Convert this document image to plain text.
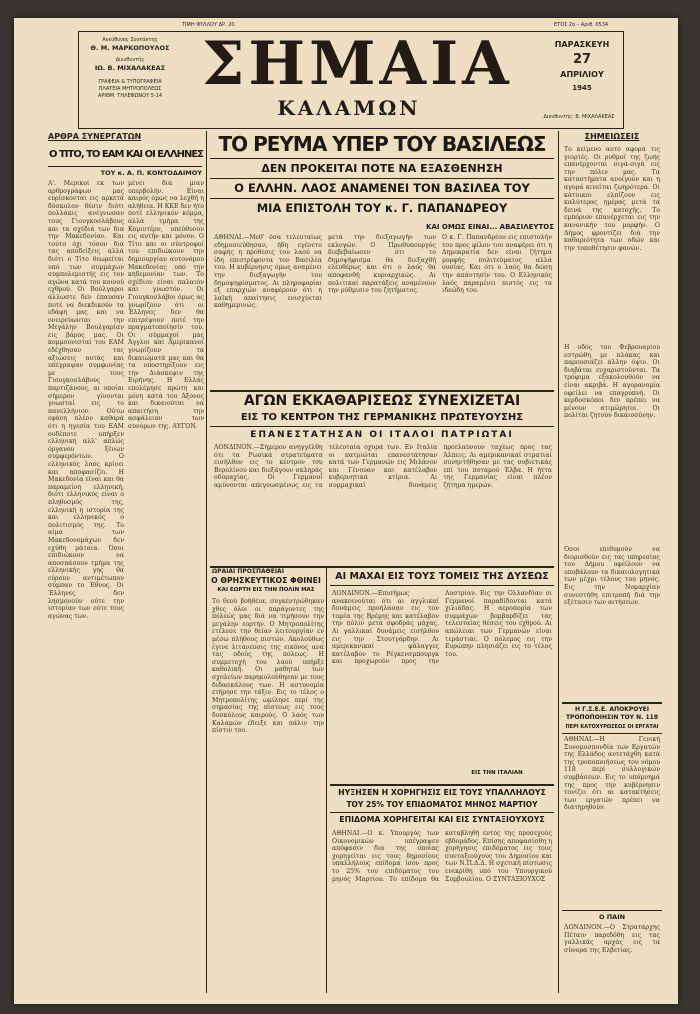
ΤΙΜΗ ΦΥΛΛΟΥ ΔΡ. 20	ΕΤΟΣ 2ο – Αριθ. 0534
Ανεύθυνος Συντάκτης
Θ. Μ. ΜΑΡΚΟΠΟΥΛΟΣ
Διευθυντής
ΙΩ. Β. ΜΙΧΑΛΑΚΕΑΣ
ΓΡΑΦΕΙΑ & ΤΥΠΟΓΡΑΦΕΙΑ
ΠΛΑΤΕΙΑ ΜΗΤΡΟΠΟΛΕΩΣ
ΑΡΙΘΜ. ΤΗΛΕΦΩΝΟΥ 5-14 ΣΗΜΑΙΑ
ΚΑΛΑΜΩΝ
ΠΑΡΑΣΚΕΥΗ
27
ΑΠΡΙΛΙΟΥ
1945
Διευθυντής: Β. ΜΙΧΑΛΑΚΕΑΣ
ΑΡΘΡΑ ΣΥΝΕΡΓΑΤΩΝ
Ο ΤΙΤΟ, ΤΟ ΕΑΜ ΚΑΙ ΟΙ ΕΛΛΗΝΕΣ
ΤΟΥ κ. Α. Π. ΚΟΝΤΟΔΑΙΜΟΥ
Α'. Μερικοί εκ των αρθρογράφων μας ευρίσκονται εις αρκετά δύσκολον θέσιν διότι πολλάκις ανέγνωσαν τους Γιουγκοσλάβους και τα σχέδιά των δια την Μακεδονίαν. Και τούτο όχι τόσον διά τας αποδείξεις αλλά διότι ο Τίτο θεωρείται υπό των συμμάχων συμπολεμιστής εις τον αγώνα κατά του κοινού εχθρού. Οι Βούλγαροι άλλωστε δεν έπαυσαν ποτέ να διεκδικούν τα εδάφη μας και να ονειρεύωνται την Μεγάλην Βουλγαρίαν εις βάρος μας. Οι κομμουνισταί του ΕΑΜ εδέχθησαν τας αξιώσεις αυτάς και υπέγραψαν συμφωνίας με τους Γιουγκοσλάβους παρτιζάνους, αι οποίαι σήμερον γίνονται γνωσταί εις το πανελλήνιον. Ούτω εφάνη πλέον καθαρά ότι η ηγεσία του ΕΑΜ ουδέποτε υπήρξεν ελληνική αλλ' απλώς όργανον ξένων συμφερόντων. Ο ελληνικός λαός κρίνει και αποφασίζει. Η Μακεδονία είναι και θα παραμείνη ελληνική, διότι ελληνικός είναι ο πληθυσμός της, ελληνική η ιστορία της και ελληνικός ο πολιτισμός της. Το αίμα των Μακεδονομάχων δεν εχύθη μάταια. Όσοι επιδιώκουν να αποσπάσουν τμήμα της ελληνικής γης θα εύρουν αντιμέτωπον σύμπαν το Έθνος. Οι Έλληνες δεν λησμονούν ούτε την ιστορίαν των ούτε τους αγώνας των.
μένει διά μίαν υπερβολήν. Είναι καιρός όμως να λεχθή η αλήθεια. Η ΚΚΕ δεν ήτο ποτέ ελληνικόν κόμμα, αλλά τμήμα της Κομιντέρν, υπεύθυνον εις αυτήν και μόνον. Ο Τίτο και οι σύντροφοί του επιδιώκουν την δημιουργίαν αυτονόμου Μακεδονίας υπό την κηδεμονίαν των. Το σχέδιον είναι παλαιόν και γνωστόν. Οι Γιουγκοσλάβοι όμως ας γνωρίζουν ότι οι Έλληνες δεν θα επιτρέψουν ποτέ την πραγματοποίησίν του. Οι σύμμαχοί μας Άγγλοι και Αμερικανοί γνωρίζουν τα δικαιώματά μας και θα τα υποστηρίξουν εις την Διάσκεψιν της Ειρήνης. Η Ελλάς επολέμησε πρώτη και μόνη κατά του Άξονος και δικαιούται να απαιτήση την ασφάλειαν των συνόρων της. ΑΥΓΟΝ.
ΤΟ ΡΕΥΜΑ ΥΠΕΡ ΤΟΥ ΒΑΣΙΛΕΩΣ
ΔΕΝ ΠΡΟΚΕΙΤΑΙ ΠΟΤΕ ΝΑ ΕΞΑΣΘΕΝΗΣΗ
Ο ΕΛΛΗΝ. ΛΑΟΣ ΑΝΑΜΕΝΕΙ ΤΟΝ ΒΑΣΙΛΕΑ ΤΟΥ
ΜΙΑ ΕΠΙΣΤΟΛΗ ΤΟΥ κ. Γ. ΠΑΠΑΝΔΡΕΟΥ
ΚΑΙ ΟΜΩΣ ΕΙΝΑΙ... ΑΒΑΣΙΛΕΥΤΟΣ
ΑΘΗΝΑΙ.—Μεθ' όσα τελευταίως εδημοσιεύθησαν, ήδη εγένετο σαφής η πρόθεσις του λαού να ίδη επιστρέφοντα τον Βασιλέα του. Η κυβέρνησις όμως αναμένει την διεξαγωγήν του δημοψηφίσματος. Αι πληροφορίαι εξ επαρχιών αναφέρουν ότι η λαϊκή απαίτησις ενισχύεται καθημερινώς.
μετά την διεξαγωγήν των εκλογών. Ο Πρωθυπουργός διεβεβαίωσεν ότι το δημοψήφισμα θα διεξαχθή ελευθέρως και ότι ο λαός θα αποφανθή κυριαρχικώς. Αι πολιτικαί παρατάξεις αναμένουν την ρύθμισιν του ζητήματος.
Ο κ. Γ. Παπανδρέου εις επιστολήν του προς φίλον του αναφέρει ότι η Δημοκρατία δεν είναι ζήτημα μορφής πολιτεύματος αλλά ουσίας. Και ότι ο λαός θα δώση την απάντησίν του. Ο Ελληνικός λαός παραμένει πιστός εις τα ιδεώδη του.
ΑΓΩΝ ΕΚΚΑΘΑΡΙΣΕΩΣ ΣΥΝΕΧΙΖΕΤΑΙ
ΕΙΣ ΤΟ ΚΕΝΤΡΟΝ ΤΗΣ ΓΕΡΜΑΝΙΚΗΣ ΠΡΩΤΕΥΟΥΣΗΣ
ΕΠΑΝΕΣΤΑΤΗΣΑΝ ΟΙ ΙΤΑΛΟΙ ΠΑΤΡΙΩΤΑΙ
ΛΟΝΔΙΝΟΝ.—Σήμερον ανηγγέλθη ότι τα Ρωσικά στρατεύματα εισήλθον εις το κέντρον του Βερολίνου και διεξάγουν σκληράς οδομαχίας. Οι Γερμανοί αμύνονται απεγνωσμένως εις τα τελευταία οχυρά των. Εν Ιταλία οι πατριώται επανεστάτησαν κατά των Γερμανών εις Μιλάνον και Γένουαν και κατέλαβον κυβερνητικά κτίρια. Αι συμμαχικαί δυνάμεις προελαύνουν ταχέως προς τας Άλπεις. Αι αμερικανικαί στρατιαί συνηντήθησαν με τας σοβιετικάς επί του ποταμού Έλβα. Η ήττα της Γερμανίας είναι πλέον ζήτημα ημερών.
ΩΡΑΙΑΙ ΠΡΟΣΠΑΘΕΙΑΙ
Ο ΘΡΗΣΚΕΥΤΙΚΟΣ ΦΘΙΝΕΙ
ΚΑΙ ΕΩΡΤΗ ΕΙΣ ΤΗΝ ΠΟΛΙΝ ΜΑΣ
Το θεού βοήθεια, συγκεντρώθηκαν χθες όλοι οι παράγοντες της πόλεώς μας διά να τιμήσουν την μεγάλην εορτήν. Ο Μητροπολίτης ετέλεσε την θείαν λειτουργίαν εν μέσω πλήθους πιστών. Ακολούθως έγινε λιτάνευσις της εικόνος ανά τας οδούς της πόλεως. Η συμμετοχή του λαού υπήρξε καθολική. Οι μαθηταί των σχολείων παρηκολούθησαν με τους διδασκάλους των. Η αστυνομία ετήρησε την τάξιν. Εις το τέλος ο Μητροπολίτης ωμίλησε περί της σημασίας της πίστεως εις τους δυσκόλους καιρούς. Ο λαός των Καλαμών έδειξε και πάλιν την πίστιν του.
ΑΙ ΜΑΧΑΙ ΕΙΣ ΤΟΥΣ ΤΟΜΕΙΣ ΤΗΣ ΔΥΣΕΩΣ
ΛΟΝΔΙΝΟΝ.—Επισήμως ανακοινούται ότι αι αγγλικαί δυνάμεις προήλασαν εις τον τομέα της Βρέμης και κατέλαβον την πόλιν μετά σφοδράς μάχας. Αι γαλλικαί δυνάμεις εισήλθον εις την Στουτγάρδην. Αι αμερικανικαί φάλαγγες κατέλαβον το Ρέγκενσμπουργκ και προχωρούν προς την Αυστρίαν. Εις την Ολλανδίαν οι Γερμανοί παραδίδονται κατά χιλιάδας. Η αεροπορία των συμμάχων βομβαρδίζει τας τελευταίας θέσεις του εχθρού. Αι απώλειαι των Γερμανών είναι τεράστιαι. Ο πόλεμος εις την Ευρώπην πλησιάζει εις το τέλος του.
ΕΙΣ ΤΗΝ ΙΤΑΛΙΑΝ
ΗΥΞΗΣΕΝ Η ΧΟΡΗΓΗΣΙΣ ΕΙΣ ΤΟΥΣ ΥΠΑΛΛΗΛΟΥΣ
ΤΟΥ 25% ΤΟΥ ΕΠΙΔΟΜΑΤΟΣ ΜΗΝΟΣ ΜΑΡΤΙΟΥ
ΕΠΙΔΟΜΑ ΧΟΡΗΓΕΙΤΑΙ ΚΑΙ ΕΙΣ ΣΥΝΤΑΞΙΟΥΧΟΥΣ
ΑΘΗΝΑΙ.—Ο κ. Υπουργός των Οικονομικών υπέγραψεν απόφασιν δια της οποίας χορηγείται εις τους δημοσίους υπαλλήλους επίδομα ίσον προς το 25% του επιδόματος του μηνός Μαρτίου. Το επίδομα θα καταβληθή εντός της προσεχούς εβδομάδος. Επίσης αποφασίσθη η χορήγησις επιδόματος εις τους συνταξιούχους του Δημοσίου και των Ν.Π.Δ.Δ. Η σχετική πίστωσις ενεκρίθη υπό του Υπουργικού Συμβουλίου. Ο ΣΥΝΤΑΞΙΟΥΧΟΣ
ΣΗΜΕΙΩΣΕΙΣ
Το κείμενο αυτό αφορά τις γιορτές. Οι ρυθμοί της ζωής επανέρχονται σιγά-σιγά εις την πόλιν μας. Τα καταστήματα ανοίγουν και η αγορά κινείται ζωηρότερα. Οι κάτοικοι ελπίζουν εις καλύτερας ημέρας μετά τα δεινά της κατοχής. Το εμπόριον επανέρχεται εις την κανονικήν του μορφήν. Ο Δήμος φροντίζει διά την καθαριότητα των οδών και την τοποθέτησιν φανών.
Η οδός του Φεβρουαρίου εστρώθη με πλάκας και παρουσιάζει άλλην όψιν. Οι διαβάται ευχαριστούνται. Τα τρόφιμα εξακολουθούν να είναι ακριβά. Η αγορανομία οφείλει να επαγρυπνή. Οι κερδοσκόποι δεν πρέπει να μένουν ατιμώρητοι. Οι πολίται ζητούν δικαιοσύνην.
Όσοι επιθυμούν να διορισθούν εις τας υπηρεσίας του Δήμου οφείλουν να υποβάλουν τα δικαιολογητικά των μέχρι τέλους του μηνός. Εις την Νομαρχίαν συνεστήθη επιτροπή διά την εξέτασιν των αιτήσεων.
Η Γ.Σ.Ε.Ε. ΑΠΟΚΡΟΥΕΙ ΤΡΟΠΟΠΟΙΗΣΙΝ ΤΟΥ Ν. 118
ΠΕΡΙ ΚΑΤΟΧΥΡΩΣΕΩΣ ΟΙ ΕΡΓΑΤΑΙ
ΑΘΗΝΑΙ.—Η Γενική Συνομοσπονδία των Εργατών της Ελλάδος αντετάχθη κατά της τροποποιήσεως του νόμου 118 περί συλλογικών συμβάσεων. Εις το υπόμνημά της προς την κυβέρνησιν τονίζει ότι αι κατακτήσεις των εργατών πρέπει να διατηρηθούν.
Ο ΠΑΙΝ
ΛΟΝΔΙΝΟΝ.—Ο Στρατάρχης Πέταιν παρεδόθη εις τας γαλλικάς αρχάς εις τα σύνορα της Ελβετίας.
